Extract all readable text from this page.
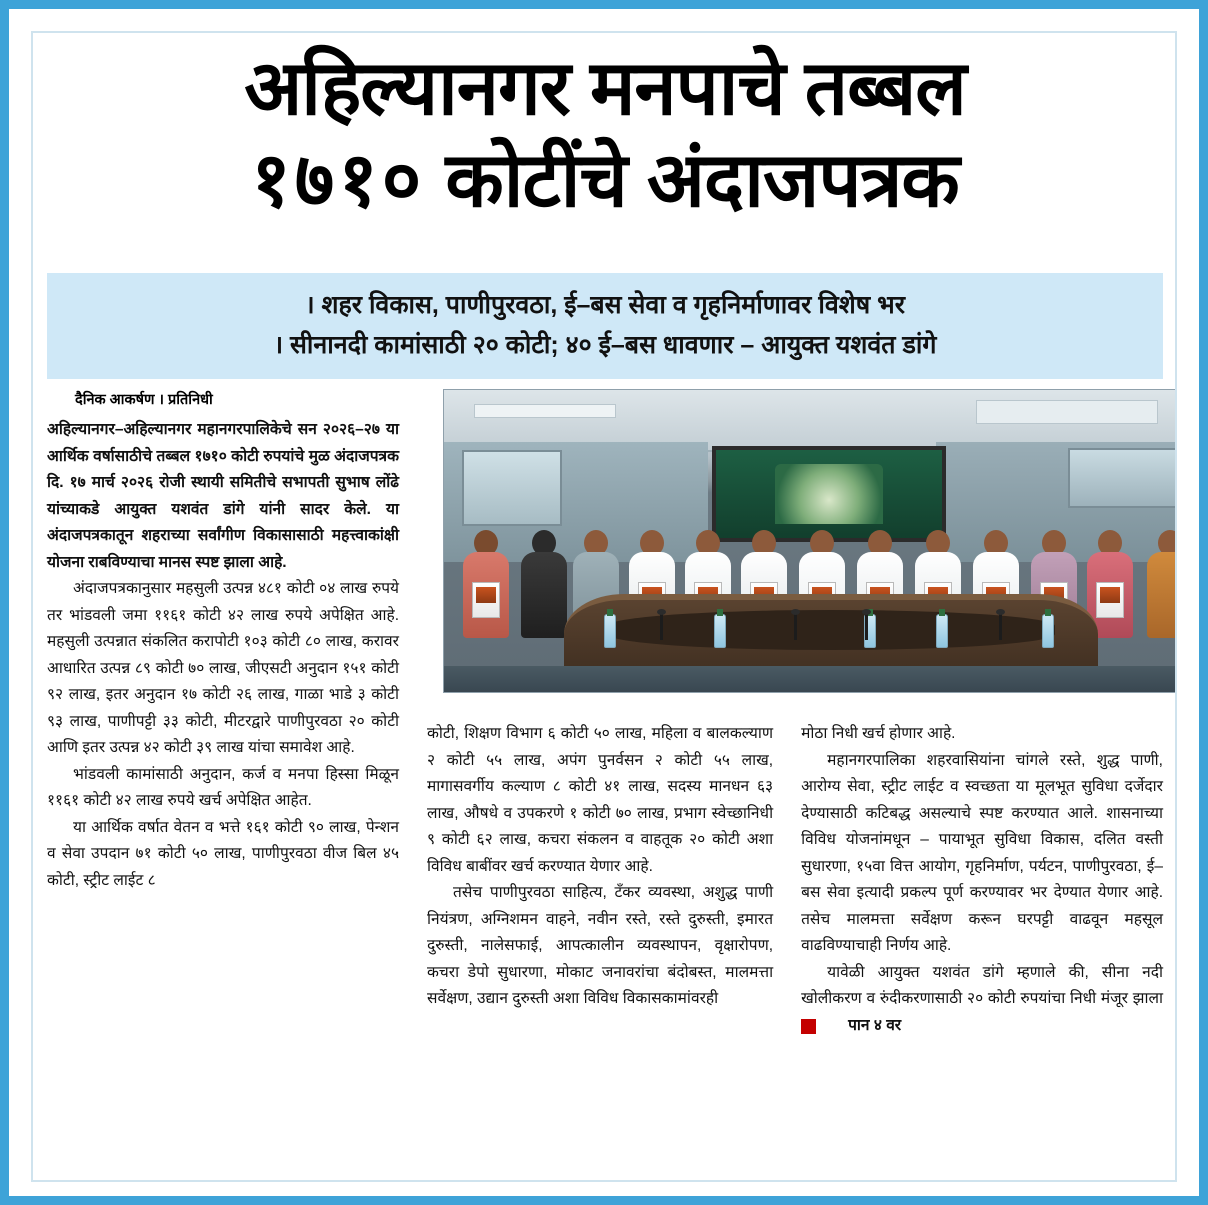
अहिल्यानगर मनपाचे तब्बल
१७१० कोटींचे अंदाजपत्रक
। शहर विकास, पाणीपुरवठा, ई–बस सेवा व गृहनिर्माणावर विशेष भर
। सीनानदी कामांसाठी २० कोटी; ४० ई–बस धावणार – आयुक्त यशवंत डांगे
दैनिक आकर्षण । प्रतिनिधी

अहिल्यानगर–अहिल्यानगर महानगरपालिकेचे सन २०२६–२७ या आर्थिक वर्षासाठीचे तब्बल १७१० कोटी रुपयांचे मुळ अंदाजपत्रक दि. १७ मार्च २०२६ रोजी स्थायी समितीचे सभापती सुभाष लोंढे यांच्याकडे आयुक्त यशवंत डांगे यांनी सादर केले. या अंदाजपत्रकातून शहराच्या सर्वांगीण विकासासाठी महत्त्वाकांक्षी योजना राबविण्याचा मानस स्पष्ट झाला आहे.

अंदाजपत्रकानुसार महसुली उत्पन्न ४८१ कोटी ०४ लाख रुपये तर भांडवली जमा ११६१ कोटी ४२ लाख रुपये अपेक्षित आहे. महसुली उत्पन्नात संकलित करापोटी १०३ कोटी ८० लाख, करावर आधारित उत्पन्न ८९ कोटी ७० लाख, जीएसटी अनुदान १५१ कोटी ९२ लाख, इतर अनुदान १७ कोटी २६ लाख, गाळा भाडे ३ कोटी ९३ लाख, पाणीपट्टी ३३ कोटी, मीटरद्वारे पाणीपुरवठा २० कोटी आणि इतर उत्पन्न ४२ कोटी ३९ लाख यांचा समावेश आहे.

भांडवली कामांसाठी अनुदान, कर्ज व मनपा हिस्सा मिळून ११६१ कोटी ४२ लाख रुपये खर्च अपेक्षित आहेत.

या आर्थिक वर्षात वेतन व भत्ते १६१ कोटी ९० लाख, पेन्शन व सेवा उपदान ७१ कोटी ५० लाख, पाणीपुरवठा वीज बिल ४५ कोटी, स्ट्रीट लाईट ८

कोटी, शिक्षण विभाग ६ कोटी ५० लाख, महिला व बालकल्याण २ कोटी ५५ लाख, अपंग पुनर्वसन २ कोटी ५५ लाख, मागासवर्गीय कल्याण ८ कोटी ४१ लाख, सदस्य मानधन ६३ लाख, औषधे व उपकरणे १ कोटी ७० लाख, प्रभाग स्वेच्छानिधी ९ कोटी ६२ लाख, कचरा संकलन व वाहतूक २० कोटी अशा विविध बाबींवर खर्च करण्यात येणार आहे.

तसेच पाणीपुरवठा साहित्य, टँकर व्यवस्था, अशुद्ध पाणी नियंत्रण, अग्निशमन वाहने, नवीन रस्ते, रस्ते दुरुस्ती, इमारत दुरुस्ती, नालेसफाई, आपत्कालीन व्यवस्थापन, वृक्षारोपण, कचरा डेपो सुधारणा, मोकाट जनावरांचा बंदोबस्त, मालमत्ता सर्वेक्षण, उद्यान दुरुस्ती अशा विविध विकासकामांवरही

मोठा निधी खर्च होणार आहे.

महानगरपालिका शहरवासियांना चांगले रस्ते, शुद्ध पाणी, आरोग्य सेवा, स्ट्रीट लाईट व स्वच्छता या मूलभूत सुविधा दर्जेदार देण्यासाठी कटिबद्ध असल्याचे स्पष्ट करण्यात आले. शासनाच्या विविध योजनांमधून – पायाभूत सुविधा विकास, दलित वस्ती सुधारणा, १५वा वित्त आयोग, गृहनिर्माण, पर्यटन, पाणीपुरवठा, ई–बस सेवा इत्यादी प्रकल्प पूर्ण करण्यावर भर देण्यात येणार आहे. तसेच मालमत्ता सर्वेक्षण करून घरपट्टी वाढवून महसूल वाढविण्याचाही निर्णय आहे.

यावेळी आयुक्त यशवंत डांगे म्हणाले की, सीना नदी खोलीकरण व रुंदीकरणासाठी २० कोटी रुपयांचा निधी मंजूर झाला
पान ४ वर
